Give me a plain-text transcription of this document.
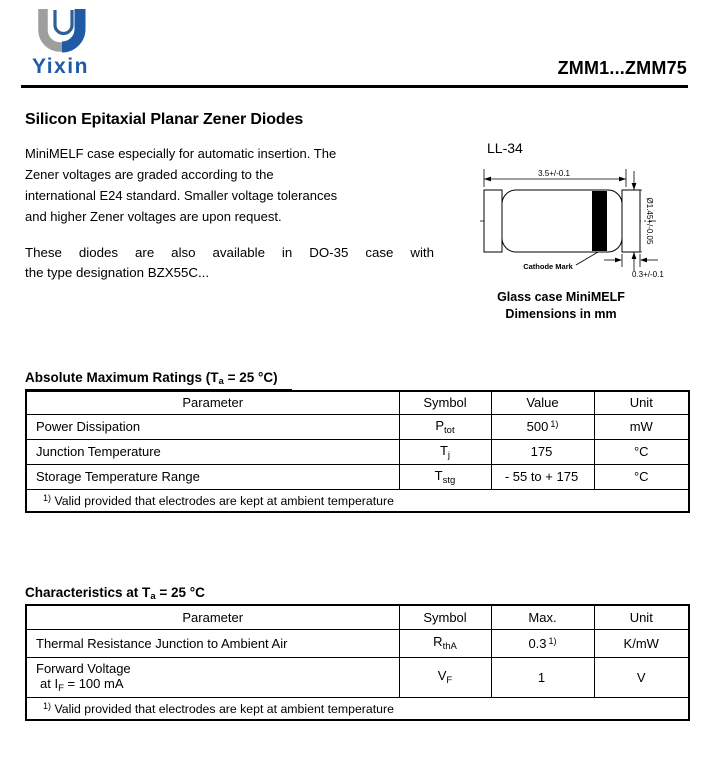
Yixin	ZMM1...ZMM75
Silicon Epitaxial Planar Zener Diodes
MiniMELF case especially for automatic insertion. The
Zener voltages are graded according to the
international E24 standard. Smaller voltage tolerances
and higher Zener voltages are upon request.
These diodes are also available in DO-35 case with
the type designation BZX55C...
LL-34
3.5+/-0.1
Ø1.45+/-0.05
0.3+/-0.1
Cathode Mark
Glass case MiniMELF
Dimensions in mm
Absolute Maximum Ratings (Ta = 25 °C)
Parameter	Symbol	Value	Unit
Power Dissipation	$P_{tot}$	500 $^{1)}$	mW
Junction Temperature	$T_j$	175	°C
Storage Temperature Range	$T_{stg}$	- 55 to + 175	°C
$^{1)}$ Valid provided that electrodes are kept at ambient temperature			
Characteristics at Ta = 25 °C
Parameter	Symbol	Max.	Unit
Thermal Resistance Junction to Ambient Air	$R_{thA}$	0.3 $^{1)}$	K/mW

Forward Voltage
at $I_F = 100$ mA	$V_F$	1	V
$^{1)}$ Valid provided that electrodes are kept at ambient temperature			
